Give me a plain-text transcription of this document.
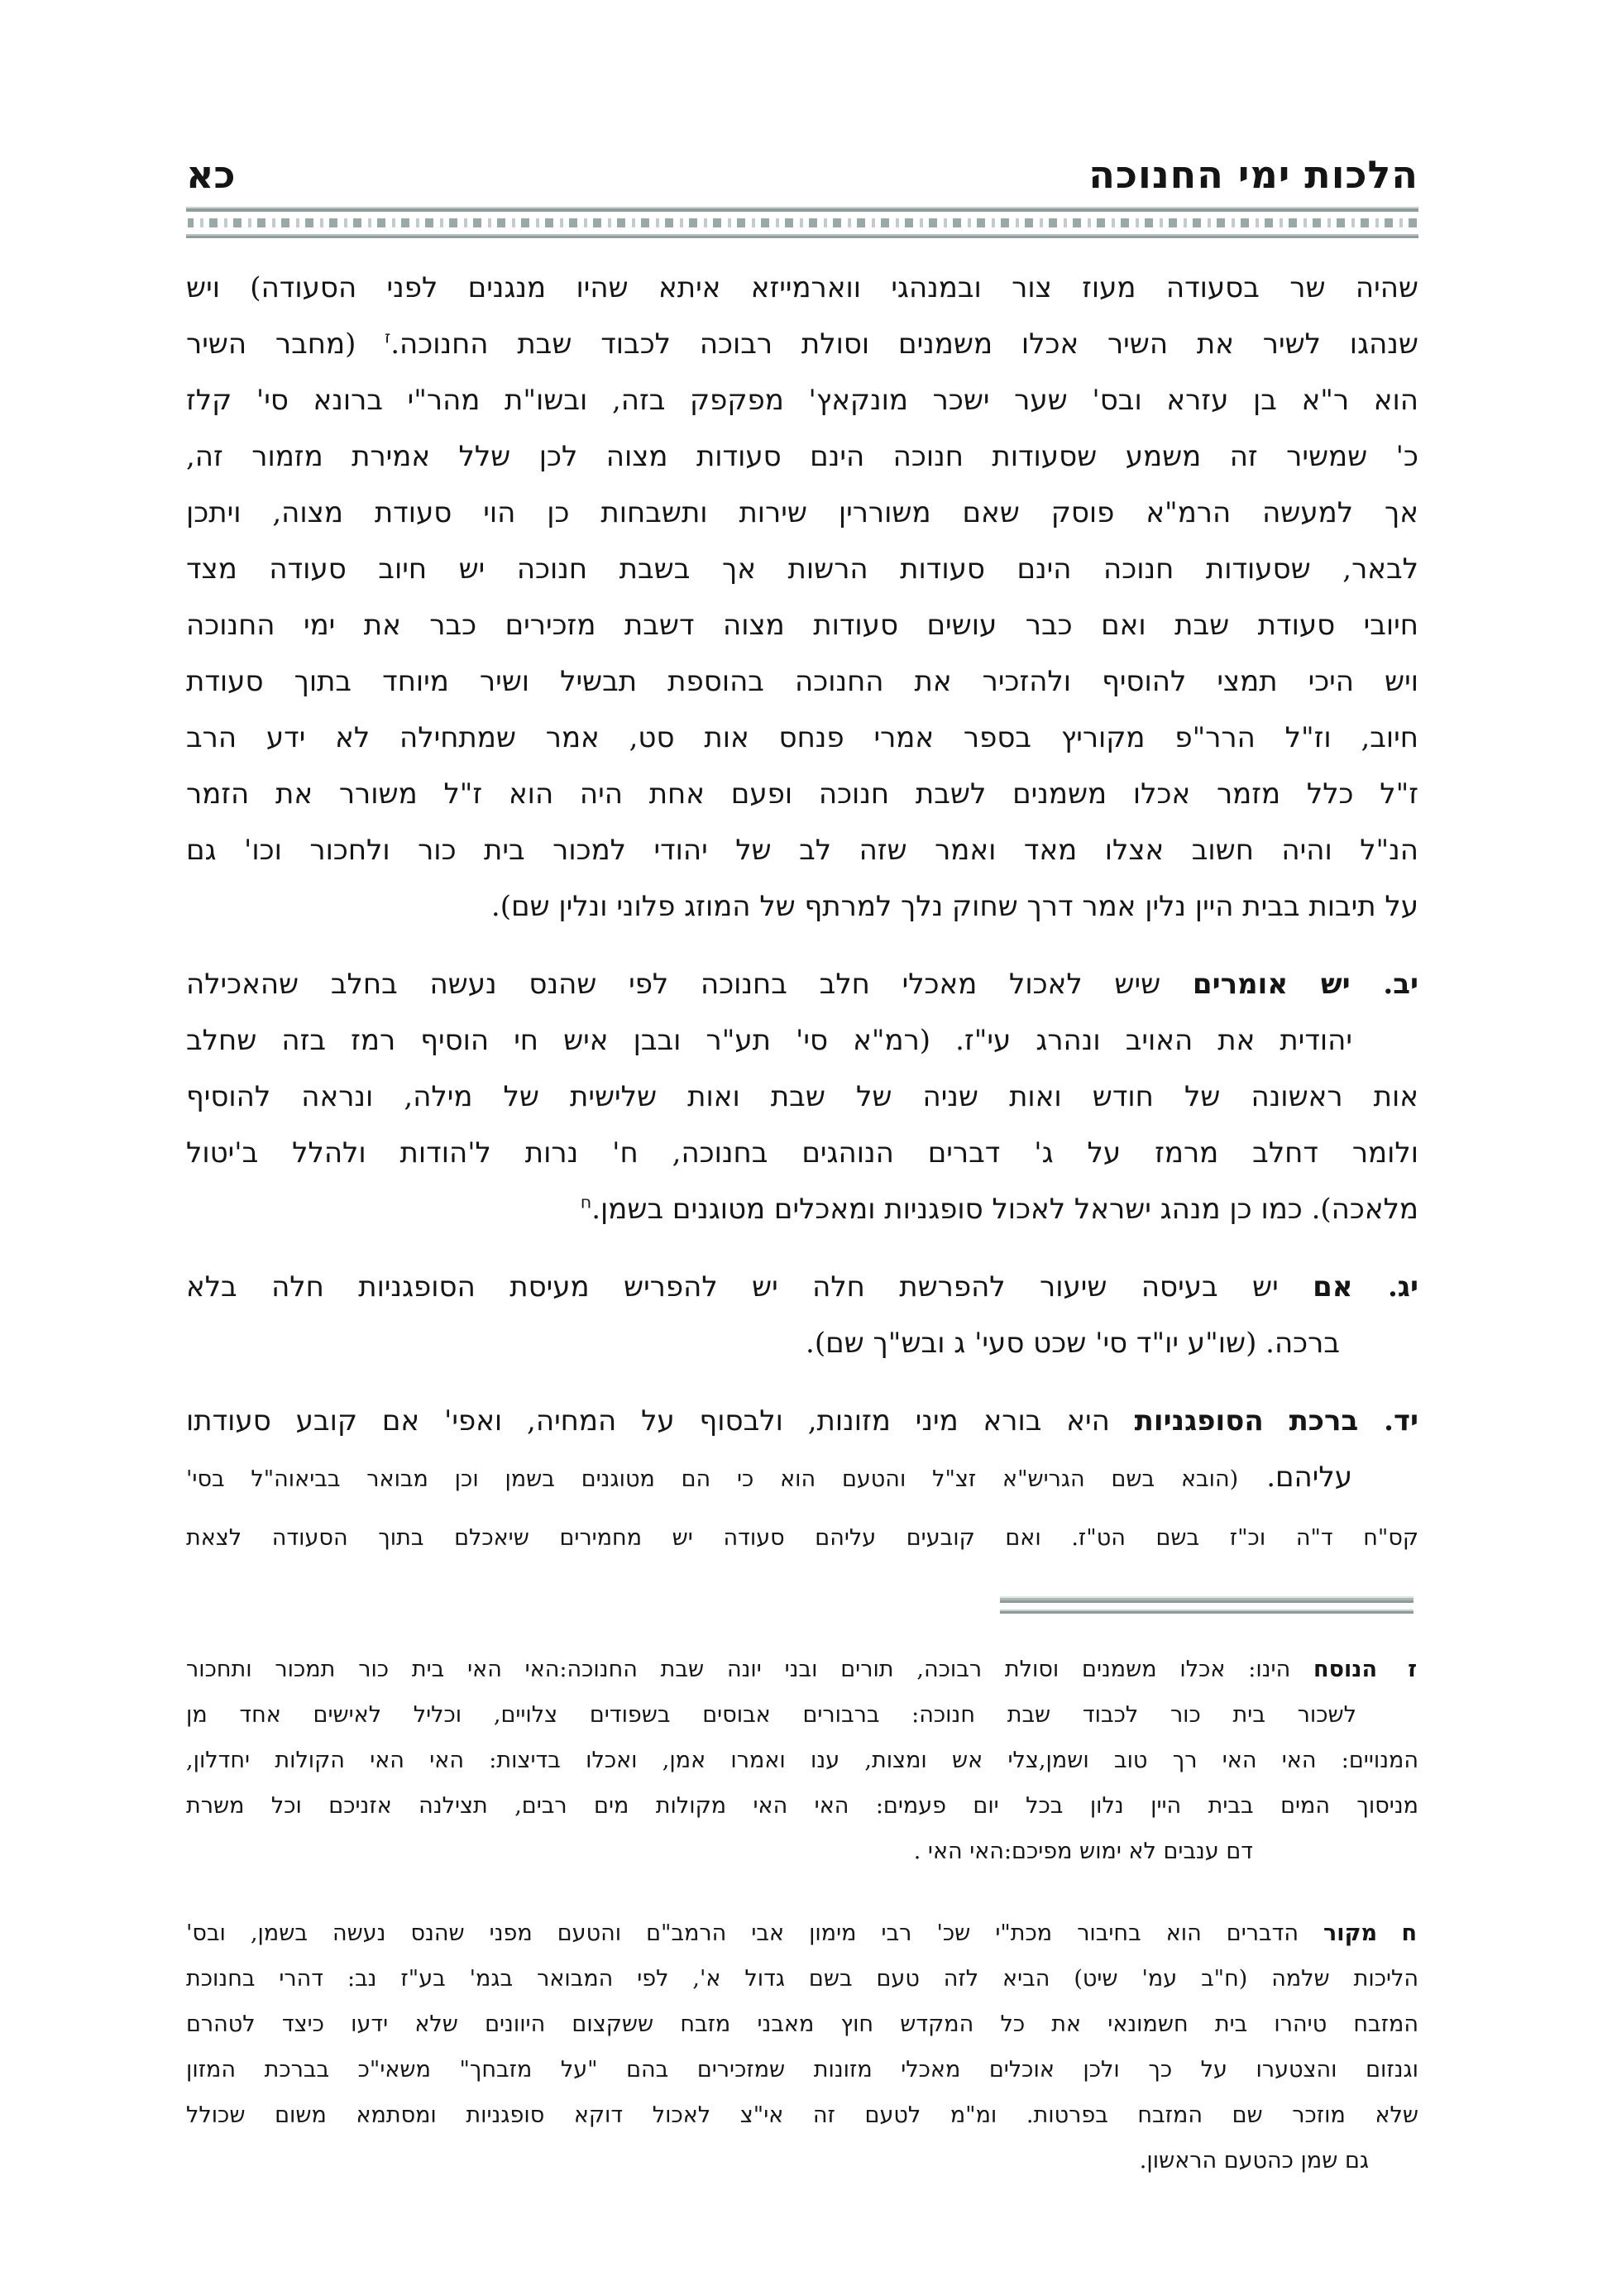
הלכות ימי החנוכה
כא
שהיה שר בסעודה מעוז צור ובמנהגי ווארמייזא איתא שהיו מנגנים לפני הסעודה) ויש
שנהגו לשיר את השיר אכלו משמנים וסולת רבוכה לכבוד שבת החנוכה.$^ז$ (מחבר השיר
הוא ר"א בן עזרא ובס' שער ישכר מונקאץ' מפקפק בזה, ובשו"ת מהר"י ברונא סי' קלז
כ' שמשיר זה משמע שסעודות חנוכה הינם סעודות מצוה לכן שלל אמירת מזמור זה,
אך למעשה הרמ"א פוסק שאם משוררין שירות ותשבחות כן הוי סעודת מצוה, ויתכן
לבאר, שסעודות חנוכה הינם סעודות הרשות אך בשבת חנוכה יש חיוב סעודה מצד
חיובי סעודת שבת ואם כבר עושים סעודות מצוה דשבת מזכירים כבר את ימי החנוכה
ויש היכי תמצי להוסיף ולהזכיר את החנוכה בהוספת תבשיל ושיר מיוחד בתוך סעודת
חיוב, וז"ל הרר"פ מקוריץ בספר אמרי פנחס אות סט, אמר שמתחילה לא ידע הרב
ז"ל כלל מזמר אכלו משמנים לשבת חנוכה ופעם אחת היה הוא ז"ל משורר את הזמר
הנ"ל והיה חשוב אצלו מאד ואמר שזה לב של יהודי למכור בית כור ולחכור וכו' גם
על תיבות בבית היין נלין אמר דרך שחוק נלך למרתף של המוזג פלוני ונלין שם).
יב. יש אומרים שיש לאכול מאכלי חלב בחנוכה לפי שהנס נעשה בחלב שהאכילה
יהודית את האויב ונהרג עי"ז. (רמ"א סי' תע"ר ובבן איש חי הוסיף רמז בזה שחלב
אות ראשונה של חודש ואות שניה של שבת ואות שלישית של מילה, ונראה להוסיף
ולומר דחלב מרמז על ג' דברים הנוהגים בחנוכה, ח' נרות ל'הודות ולהלל ב'יטול
מלאכה). כמו כן מנהג ישראל לאכול סופגניות ומאכלים מטוגנים בשמן.$^ח$
יג. אם יש בעיסה שיעור להפרשת חלה יש להפריש מעיסת הסופגניות חלה בלא
ברכה. (שו"ע יו"ד סי' שכט סעי' ג ובש"ך שם).
יד. ברכת הסופגניות היא בורא מיני מזונות, ולבסוף על המחיה, ואפי' אם קובע סעודתו
עליהם. (הובא בשם הגריש"א זצ"ל והטעם הוא כי הם מטוגנים בשמן וכן מבואר בביאוה"ל בסי'
קס"ח ד"ה וכ"ז בשם הט"ז. ואם קובעים עליהם סעודה יש מחמירים שיאכלם בתוך הסעודה לצאת
ז
הנוסח הינו: אכלו משמנים וסולת רבוכה, תורים ובני יונה שבת החנוכה:האי האי בית כור תמכור ותחכור
לשכור בית כור לכבוד שבת חנוכה: ברבורים אבוסים בשפודים צלויים, וכליל לאישים אחד מן
המנויים: האי האי רך טוב ושמן,צלי אש ומצות, ענו ואמרו אמן, ואכלו בדיצות: האי האי הקולות יחדלון,
מניסוך המים בבית היין נלון בכל יום פעמים: האי האי מקולות מים רבים, תצילנה אזניכם וכל משרת
דם ענבים לא ימוש מפיכם:האי האי .
ח
מקור הדברים הוא בחיבור מכת"י שכ' רבי מימון אבי הרמב"ם והטעם מפני שהנס נעשה בשמן, ובס'
הליכות שלמה (ח"ב עמ' שיט) הביא לזה טעם בשם גדול א', לפי המבואר בגמ' בע"ז נב: דהרי בחנוכת
המזבח טיהרו בית חשמונאי את כל המקדש חוץ מאבני מזבח ששקצום היוונים שלא ידעו כיצד לטהרם
וגנזום והצטערו על כך ולכן אוכלים מאכלי מזונות שמזכירים בהם "על מזבחך" משאי"כ בברכת המזון
שלא מוזכר שם המזבח בפרטות. ומ"מ לטעם זה אי"צ לאכול דוקא סופגניות ומסתמא משום שכולל
גם שמן כהטעם הראשון.
